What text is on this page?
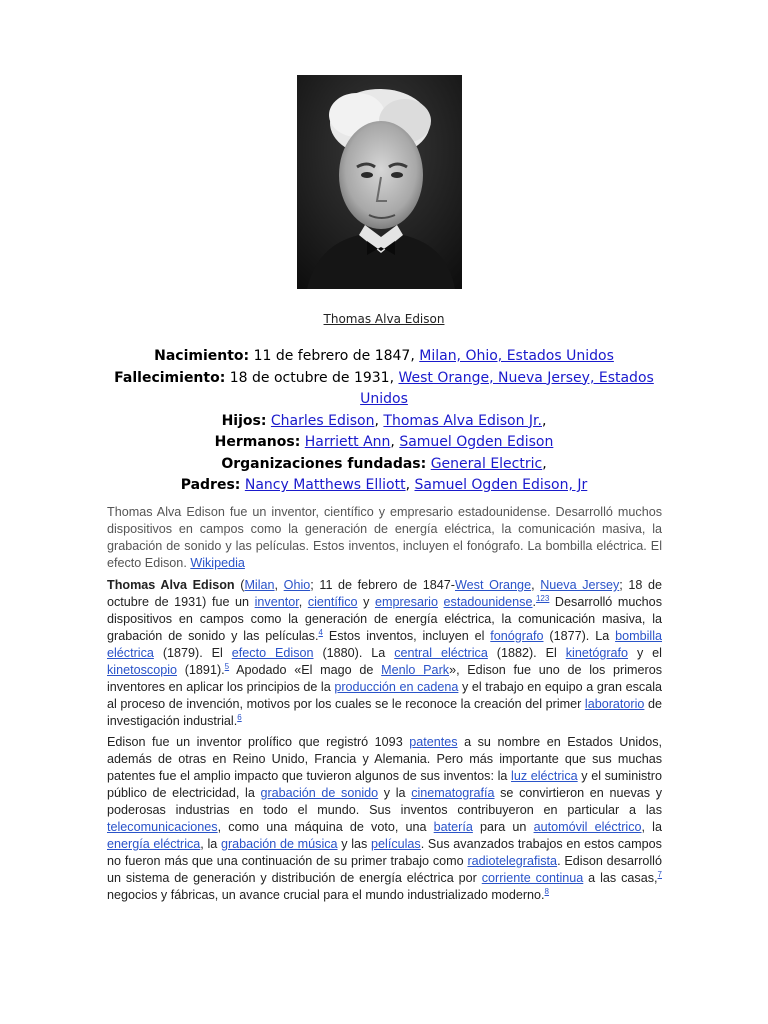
Thomas Alva Edison
Nacimiento: 11 de febrero de 1847, Milan, Ohio, Estados Unidos
Fallecimiento: 18 de octubre de 1931, West Orange, Nueva Jersey, Estados Unidos
Hijos: Charles Edison, Thomas Alva Edison Jr.,
Hermanos: Harriett Ann, Samuel Ogden Edison
Organizaciones fundadas: General Electric,
Padres: Nancy Matthews Elliott, Samuel Ogden Edison, Jr

Thomas Alva Edison fue un inventor, científico y empresario estadounidense. Desarrolló muchos dispositivos en campos como la generación de energía eléctrica, la comunicación masiva, la grabación de sonido y las películas. Estos inventos, incluyen el fonógrafo. La bombilla eléctrica. El efecto Edison. Wikipedia

Thomas Alva Edison (Milan, Ohio; 11 de febrero de 1847-West Orange, Nueva Jersey; 18 de octubre de 1931) fue un inventor, científico y empresario estadounidense.$^{123}$ Desarrolló muchos dispositivos en campos como la generación de energía eléctrica, la comunicación masiva, la grabación de sonido y las películas.$^4$ Estos inventos, incluyen el fonógrafo (1877). La bombilla eléctrica (1879). El efecto Edison (1880). La central eléctrica (1882). El kinetógrafo y el kinetoscopio (1891).$^5$ Apodado «El mago de Menlo Park», Edison fue uno de los primeros inventores en aplicar los principios de la producción en cadena y el trabajo en equipo a gran escala al proceso de invención, motivos por los cuales se le reconoce la creación del primer laboratorio de investigación industrial.$^6$

Edison fue un inventor prolífico que registró 1093 patentes a su nombre en Estados Unidos, además de otras en Reino Unido, Francia y Alemania. Pero más importante que sus muchas patentes fue el amplio impacto que tuvieron algunos de sus inventos: la luz eléctrica y el suministro público de electricidad, la grabación de sonido y la cinematografía se convirtieron en nuevas y poderosas industrias en todo el mundo. Sus inventos contribuyeron en particular a las telecomunicaciones, como una máquina de voto, una batería para un automóvil eléctrico, la energía eléctrica, la grabación de música y las películas. Sus avanzados trabajos en estos campos no fueron más que una continuación de su primer trabajo como radiotelegrafista. Edison desarrolló un sistema de generación y distribución de energía eléctrica por corriente continua a las casas,$^7$ negocios y fábricas, un avance crucial para el mundo industrializado moderno.$^8$
